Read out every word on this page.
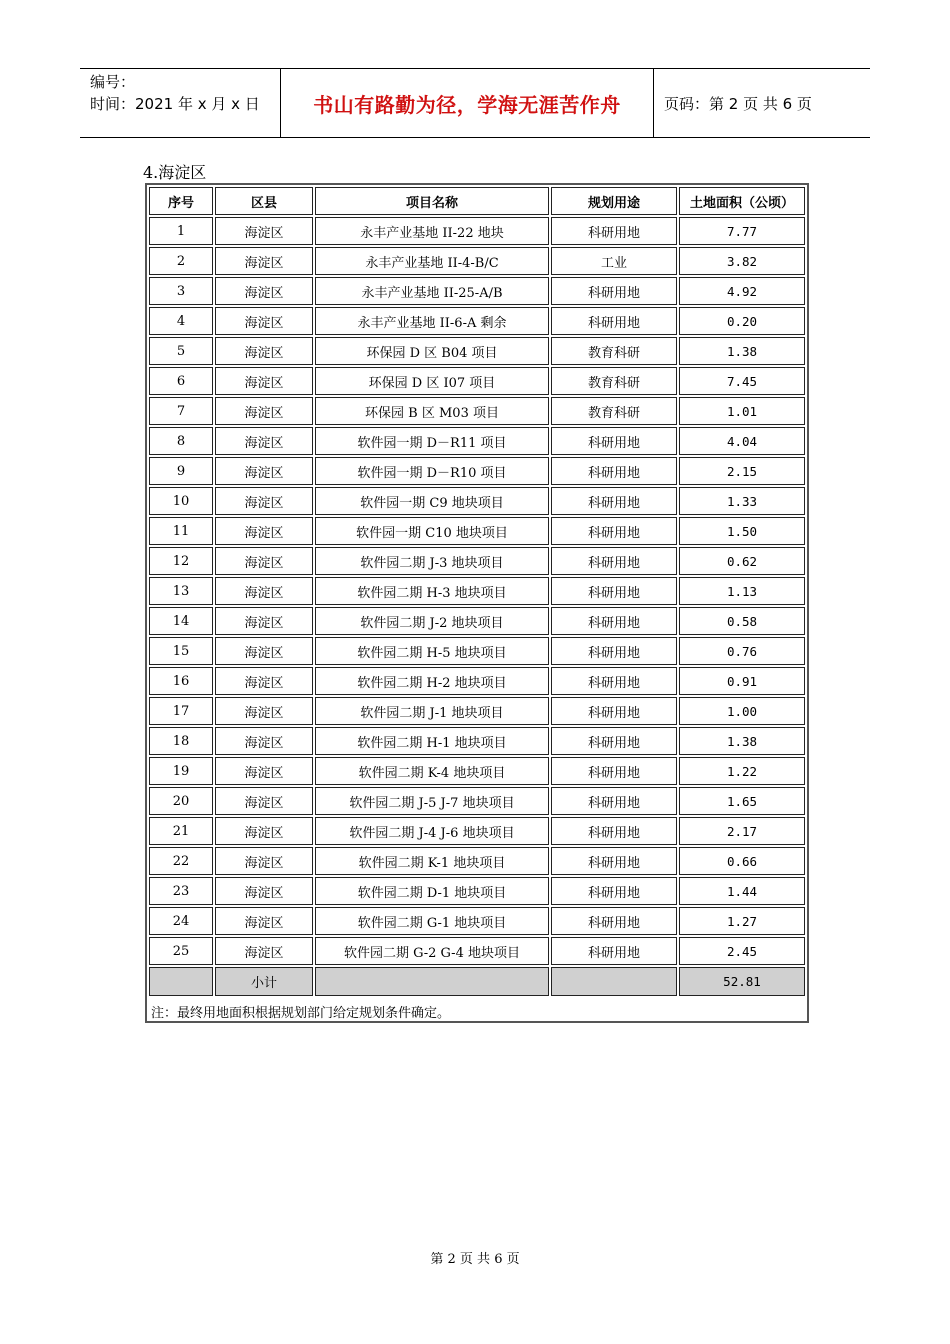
编号：
时间：2021 年 x 月 x 日	书山有路勤为径，学海无涯苦作舟	页码：第 2 页 共 6 页
4.海淀区
序号	区县	项目名称	规划用途	土地面积（公顷）
1	海淀区	永丰产业基地 II-22 地块	科研用地	7.77
2	海淀区	永丰产业基地 II-4-B/C	工业	3.82
3	海淀区	永丰产业基地 II-25-A/B	科研用地	4.92
4	海淀区	永丰产业基地 II-6-A 剩余	科研用地	0.20
5	海淀区	环保园 D 区 B04 项目	教育科研	1.38
6	海淀区	环保园 D 区 I07 项目	教育科研	7.45
7	海淀区	环保园 B 区 M03 项目	教育科研	1.01
8	海淀区	软件园一期 D－R11 项目	科研用地	4.04
9	海淀区	软件园一期 D－R10 项目	科研用地	2.15
10	海淀区	软件园一期 C9 地块项目	科研用地	1.33
11	海淀区	软件园一期 C10 地块项目	科研用地	1.50
12	海淀区	软件园二期 J-3 地块项目	科研用地	0.62
13	海淀区	软件园二期 H-3 地块项目	科研用地	1.13
14	海淀区	软件园二期 J-2 地块项目	科研用地	0.58
15	海淀区	软件园二期 H-5 地块项目	科研用地	0.76
16	海淀区	软件园二期 H-2 地块项目	科研用地	0.91
17	海淀区	软件园二期 J-1 地块项目	科研用地	1.00
18	海淀区	软件园二期 H-1 地块项目	科研用地	1.38
19	海淀区	软件园二期 K-4 地块项目	科研用地	1.22
20	海淀区	软件园二期 J-5 J-7 地块项目	科研用地	1.65
21	海淀区	软件园二期 J-4 J-6 地块项目	科研用地	2.17
22	海淀区	软件园二期 K-1 地块项目	科研用地	0.66
23	海淀区	软件园二期 D-1 地块项目	科研用地	1.44
24	海淀区	软件园二期 G-1 地块项目	科研用地	1.27
25	海淀区	软件园二期 G-2 G-4 地块项目	科研用地	2.45
	小计			52.81
注：最终用地面积根据规划部门给定规划条件确定。				
第 2 页 共 6 页
